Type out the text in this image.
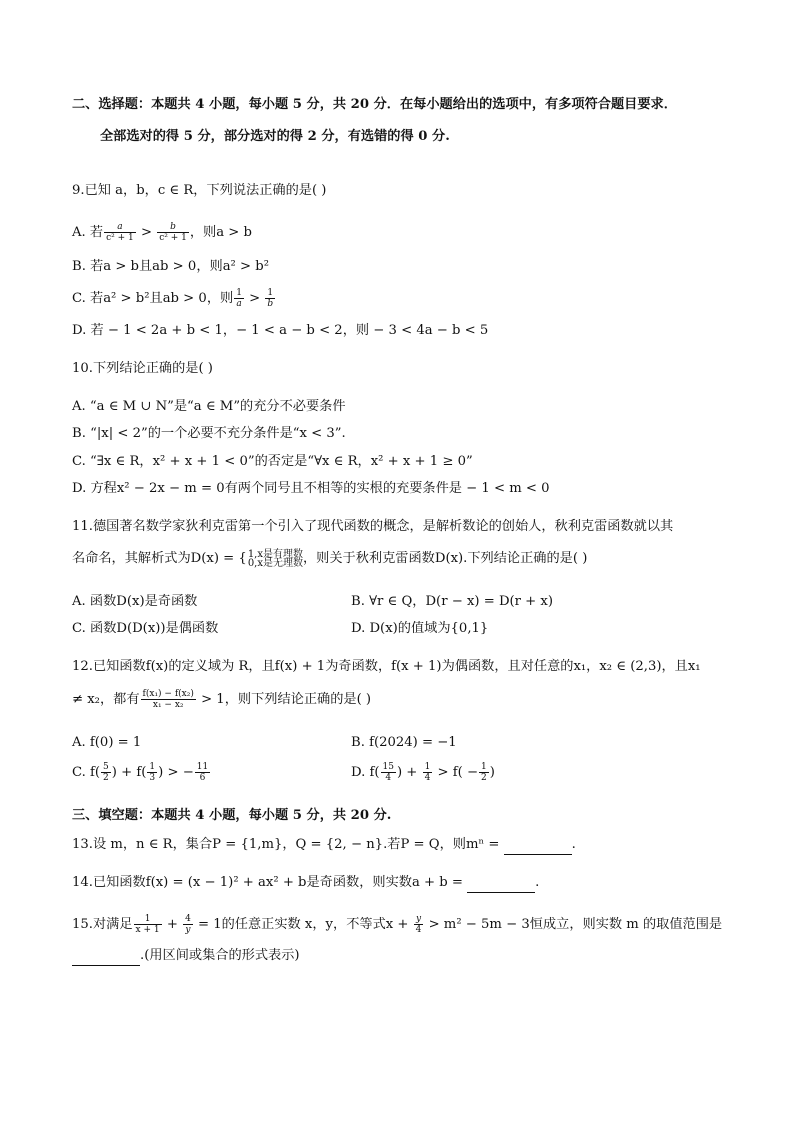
二、选择题：本题共 4 小题，每小题 5 分，共 20 分．在每小题给出的选项中，有多项符合题目要求．
全部选对的得 5 分，部分选对的得 2 分，有选错的得 0 分.
9.已知 a，b，c ∈ R，下列说法正确的是( )
A. 若 $\frac{a}{\text{c² + 1}} > \frac{b}{\text{c² + 1}}$ ，则a > b
B. 若a > b且ab > 0，则a² > b²
C. 若a² > b²且ab > 0，则 $\frac{1}{a} > \frac{1}{b}$
D. 若 − 1 < 2a + b < 1，− 1 < a − b < 2，则 − 3 < 4a − b < 5
10.下列结论正确的是( )
A. “a ∈ M ∪ N”是“a ∈ M”的充分不必要条件
B. “|x| < 2”的一个必要不充分条件是“x < 3”.
C. “∃x ∈ R，x² + x + 1 < 0”的否定是“∀x ∈ R，x² + x + 1 ≥ 0”
D. 方程x² − 2x − m = 0有两个同号且不相等的实根的充要条件是 − 1 < m < 0
11.德国著名数学家狄利克雷第一个引入了现代函数的概念，是解析数论的创始人，秋利克雷函数就以其
名命名，其解析式为D(x) = { 1,x是有理数
0,x是无理数 ，则关于秋利克雷函数D(x).下列结论正确的是( )
A. 函数D(x)是奇函数	B. ∀r ∈ Q，D(r − x) = D(r + x)
C. 函数D(D(x))是偶函数	D. D(x)的值域为{0,1}
12.已知函数f(x)的定义域为 R，且f(x) + 1为奇函数，f(x + 1)为偶函数，且对任意的x₁，x₂ ∈ (2,3)，且x₁
≠ x₂，都有 $\frac{\text{f(x₁) − f(x₂)}}{\text{x₁ − x₂}} > 1$，则下列结论正确的是( )
A. f(0) = 1	B. f(2024) = −1
C. $f( \frac{5}{2}$ ) + $f( \frac{1}{3}$ ) > − $\frac{11}{6}$	D. $f( \frac{15}{4}$ ) + $\frac{1}{4} > f( - \frac{1}{2}$ )
三、填空题：本题共 4 小题，每小题 5 分，共 20 分.
13.设 m，n ∈ R，集合P = {1,m}，Q = {2, − n}.若P = Q，则mⁿ =	.
14.已知函数f(x) = (x − 1)² + ax² + b是奇函数，则实数a + b =	.
15.对满足 $\frac{1}{x + 1} + \frac{4}{y} = 1$的任意正实数 x，y，不等式$x + \frac{y}{4} > m^2 - 5m - 3$恒成立，则实数 m 的取值范围是
.(用区间或集合的形式表示)
